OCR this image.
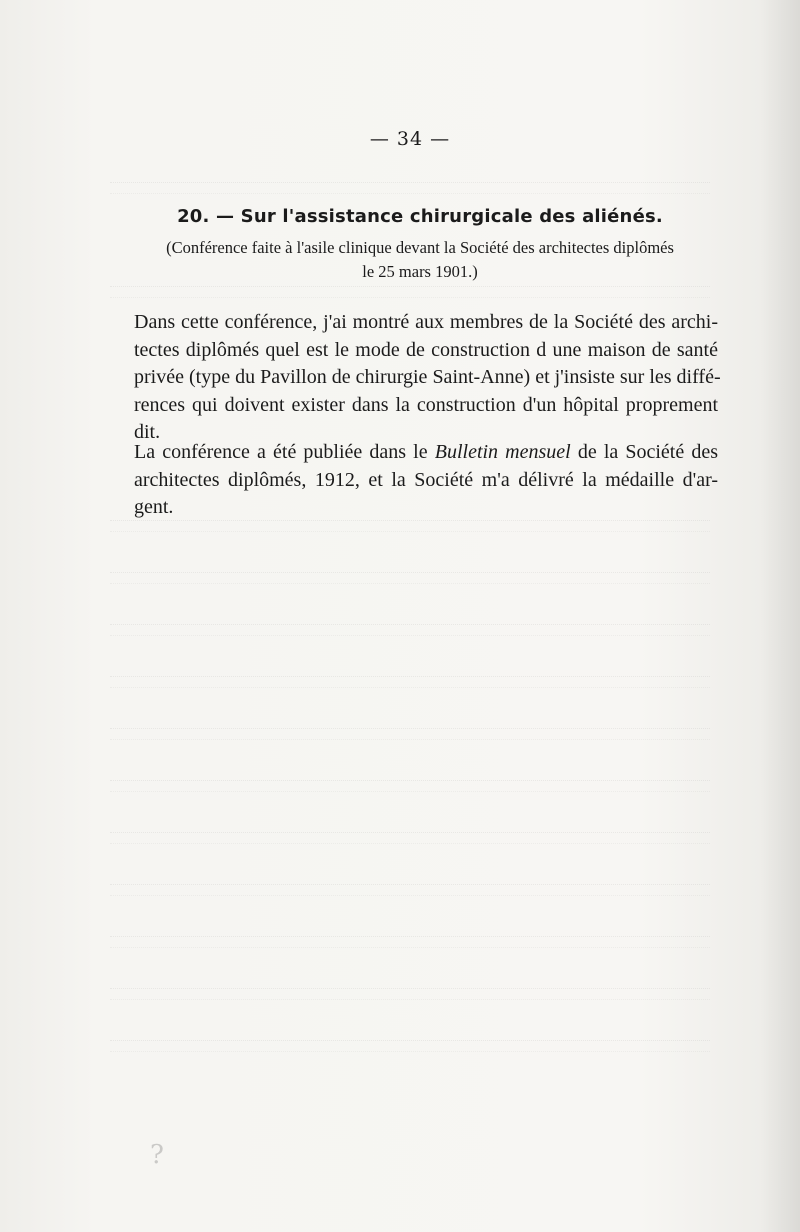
— 34 —
20. — Sur l'assistance chirurgicale des aliénés.
(Conférence faite à l'asile clinique devant la Société des architectes diplômés
le 25 mars 1901.)
Dans cette conférence, j'ai montré aux membres de la Société des archi-
tectes diplômés quel est le mode de construction d une maison de santé
privée (type du Pavillon de chirurgie Saint-Anne) et j'insiste sur les diffé-
rences qui doivent exister dans la construction d'un hôpital proprement
dit.
La conférence a été publiée dans le Bulletin mensuel de la Société des
architectes diplômés, 1912, et la Société m'a délivré la médaille d'ar-
gent.
?
